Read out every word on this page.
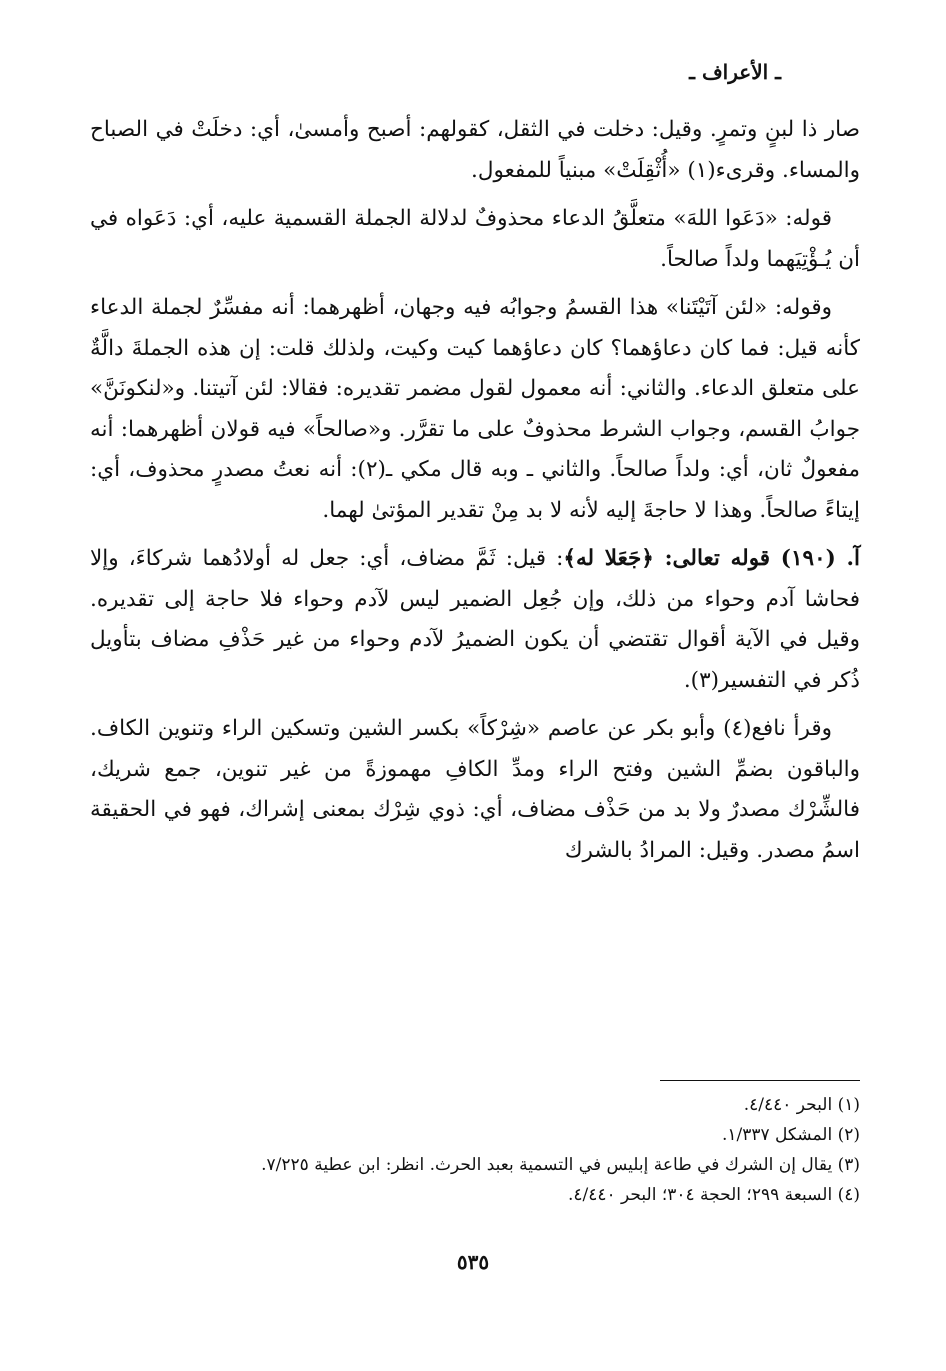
ـ الأعراف ـ

صار ذا لبنٍ وتمرٍ. وقيل: دخلت في الثقل، كقولهم: أصبح وأمسىٰ، أي: دخلَتْ في الصباح والمساء. وقرىء(١) «أُثْقِلَتْ» مبنياً للمفعول.

قوله: «دَعَوا اللهَ» متعلَّقُ الدعاء محذوفٌ لدلالة الجملة القسمية عليه، أي: دَعَواه في أن يُـؤْتِيَهما ولداً صالحاً.

وقوله: «لئن آتَيْتَنا» هذا القسمُ وجوابُه فيه وجهان، أظهرهما: أنه مفسِّرٌ لجملة الدعاء كأنه قيل: فما كان دعاؤهما؟ كان دعاؤهما كيت وكيت، ولذلك قلت: إن هذه الجملةَ دالَّةٌ على متعلق الدعاء. والثاني: أنه معمول لقول مضمر تقديره: فقالا: لئن آتيتنا. و«لنكونَنَّ» جوابُ القسم، وجواب الشرط محذوفٌ على ما تقرَّر. و«صالحاً» فيه قولان أظهرهما: أنه مفعولٌ ثان، أي: ولداً صالحاً. والثاني ـ وبه قال مكي ـ(٢): أنه نعتُ مصدرٍ محذوف، أي: إيتاءً صالحاً. وهذا لا حاجةَ إليه لأنه لا بد مِنْ تقدير المؤتىٰ لهما.

آ. (١٩٠) قوله تعالى: ﴿جَعَلا له﴾: قيل: ثَمَّ مضاف، أي: جعل له أولادُهما شركاءَ، وإلا فحاشا آدم وحواء من ذلك، وإن جُعِل الضمير ليس لآدم وحواء فلا حاجة إلى تقديره. وقيل في الآية أقوال تقتضي أن يكون الضميرُ لآدم وحواء من غير حَذْفِ مضاف بتأويل ذُكر في التفسير(٣).

وقرأ نافع(٤) وأبو بكر عن عاصم «شِرْكاً» بكسر الشين وتسكين الراء وتنوين الكاف. والباقون بضمِّ الشين وفتح الراء ومدِّ الكافِ مهموزةً من غير تنوين، جمع شريك، فالشِّرْك مصدرٌ ولا بد من حَذْف مضاف، أي: ذوي شِرْك بمعنى إشراك، فهو في الحقيقة اسمُ مصدر. وقيل: المرادُ بالشرك

(١) البحر ٤/٤٤٠.
(٢) المشكل ١/٣٣٧.
(٣) يقال إن الشرك في طاعة إبليس في التسمية بعبد الحرث. انظر: ابن عطية ٧/٢٢٥.
(٤) السبعة ٢٩٩؛ الحجة ٣٠٤؛ البحر ٤/٤٤٠.
٥٣٥
